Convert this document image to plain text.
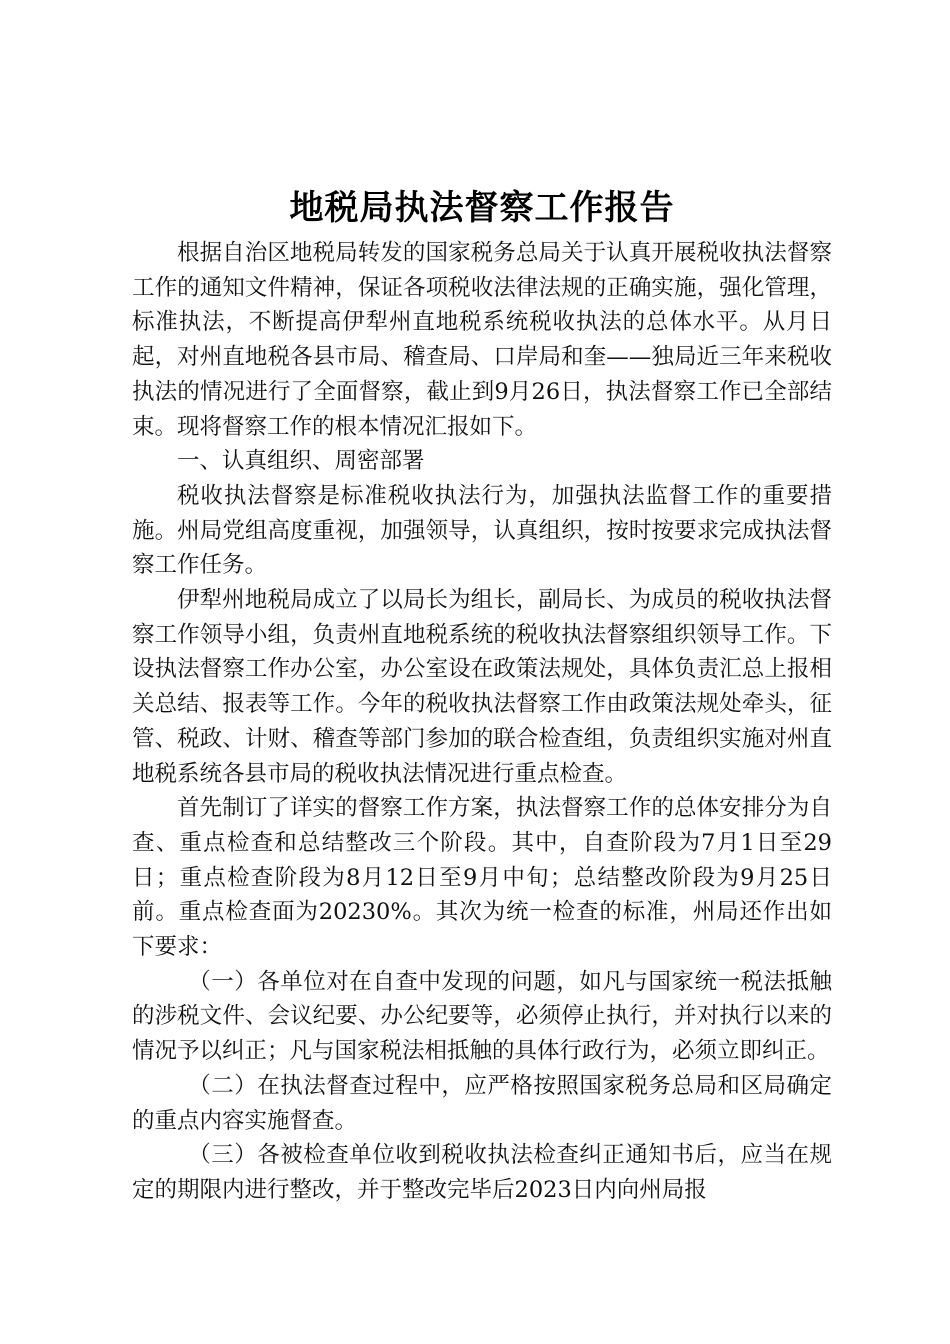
地税局执法督察工作报告

根据自治区地税局转发的国家税务总局关于认真开展税收执法督察工作的通知文件精神，保证各项税收法律法规的正确实施，强化管理，标准执法，不断提高伊犁州直地税系统税收执法的总体水平。从月日起，对州直地税各县市局、稽查局、口岸局和奎——独局近三年来税收执法的情况进行了全面督察，截止到9月26日，执法督察工作已全部结束。现将督察工作的根本情况汇报如下。

一、认真组织、周密部署

税收执法督察是标准税收执法行为，加强执法监督工作的重要措施。州局党组高度重视，加强领导，认真组织，按时按要求完成执法督察工作任务。

伊犁州地税局成立了以局长为组长，副局长、为成员的税收执法督察工作领导小组，负责州直地税系统的税收执法督察组织领导工作。下设执法督察工作办公室，办公室设在政策法规处，具体负责汇总上报相关总结、报表等工作。今年的税收执法督察工作由政策法规处牵头，征管、税政、计财、稽查等部门参加的联合检查组，负责组织实施对州直地税系统各县市局的税收执法情况进行重点检查。

首先制订了详实的督察工作方案，执法督察工作的总体安排分为自查、重点检查和总结整改三个阶段。其中，自查阶段为7月1日至29日；重点检查阶段为8月12日至9月中旬；总结整改阶段为9月25日前。重点检查面为20230%。其次为统一检查的标准，州局还作出如下要求：

（一）各单位对在自查中发现的问题，如凡与国家统一税法抵触的涉税文件、会议纪要、办公纪要等，必须停止执行，并对执行以来的情况予以纠正；凡与国家税法相抵触的具体行政行为，必须立即纠正。

（二）在执法督查过程中，应严格按照国家税务总局和区局确定的重点内容实施督查。

（三）各被检查单位收到税收执法检查纠正通知书后，应当在规定的期限内进行整改，并于整改完毕后2023日内向州局报
